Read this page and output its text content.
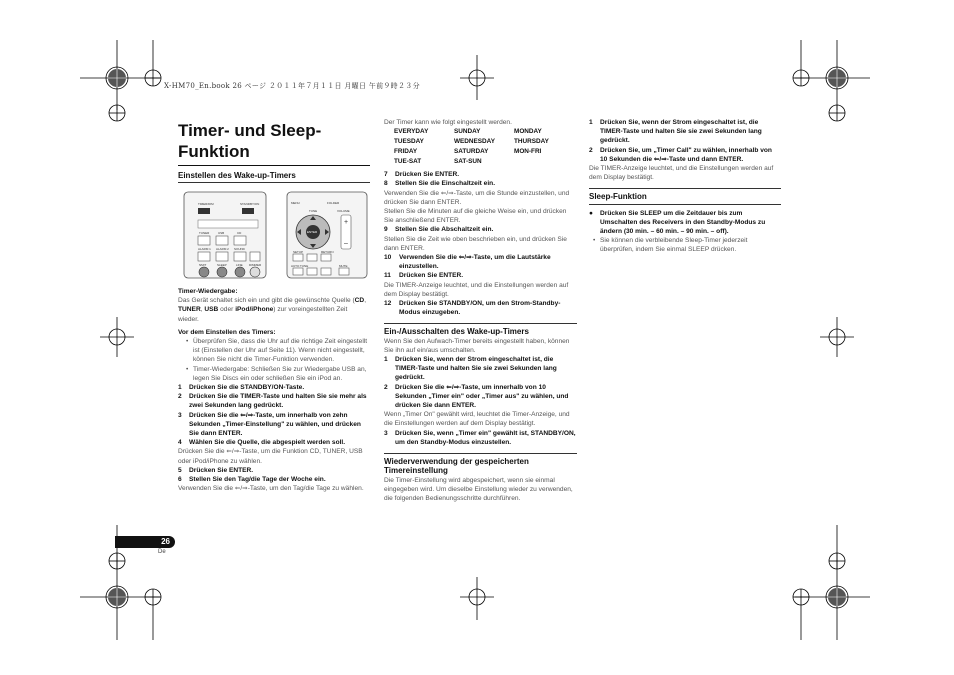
X-HM70_En.book 26 ページ ２０１１年７月１１日 月曜日 午前９時２３分
Timer- und Sleep-Funktion
Einstellen des Wake-up-Timers
TIMER/DIM	STANDBY/ON
TUNER	USB	CD
ALARM 1 ALARM 2 SOUND
NMIT	SLEEP	LINE DIMMER
+
–
MENU	FOLDER
TUNE
ENTER
VOLUME
SETUP	RETURN
AUTO TUNE	MUTE

Timer-Wiedergabe:

Das Gerät schaltet sich ein und gibt die gewünschte Quelle (CD, TUNER, USB oder iPod/iPhone) zur voreingestellten Zeit wieder.

Vor dem Einstellen des Timers:

• Überprüfen Sie, dass die Uhr auf die richtige Zeit eingestellt ist (Einstellen der Uhr auf Seite 11). Wenn nicht eingestellt, können Sie nicht die Timer-Funktion verwenden.
• Timer-Wiedergabe: Schließen Sie zur Wiedergabe USB an, legen Sie Discs ein oder schließen Sie ein iPod an.
1	Drücken Sie die STANDBY/ON-Taste.
2	Drücken Sie die TIMER-Taste und halten Sie sie mehr als zwei Sekunden lang gedrückt.
3	Drücken Sie die ⇐/⇒-Taste, um innerhalb von zehn Sekunden „Timer-Einstellung" zu wählen, und drücken Sie dann ENTER.
4	Wählen Sie die Quelle, die abgespielt werden soll.

Drücken Sie die ⇐/⇒-Taste, um die Funktion CD, TUNER, USB oder iPod/iPhone zu wählen.

5	Drücken Sie ENTER.
6	Stellen Sie den Tag/die Tage der Woche ein.

Verwenden Sie die ⇐/⇒-Taste, um den Tag/die Tage zu wählen.

Der Timer kann wie folgt eingestellt werden.

EVERYDAY	SUNDAY	MONDAY
TUESDAY	WEDNESDAY	THURSDAY
FRIDAY	SATURDAY	MON-FRI
TUE-SAT	SAT-SUN
7	Drücken Sie ENTER.
8	Stellen Sie die Einschaltzeit ein.

Verwenden Sie die ⇐/⇒-Taste, um die Stunde einzustellen, und drücken Sie dann ENTER.

Stellen Sie die Minuten auf die gleiche Weise ein, und drücken Sie anschließend ENTER.

9	Stellen Sie die Abschaltzeit ein.

Stellen Sie die Zeit wie oben beschrieben ein, und drücken Sie dann ENTER.

10	Verwenden Sie die ⇐/⇒-Taste, um die Lautstärke einzustellen.
11	Drücken Sie ENTER.

Die TIMER-Anzeige leuchtet, und die Einstellungen werden auf dem Display bestätigt.

12	Drücken Sie STANDBY/ON, um den Strom-Standby-Modus einzugeben.

Ein-/Ausschalten des Wake-up-Timers

Wenn Sie den Aufwach-Timer bereits eingestellt haben, können Sie ihn auf ein/aus umschalten.

1	Drücken Sie, wenn der Strom eingeschaltet ist, die TIMER-Taste und halten Sie sie zwei Sekunden lang gedrückt.
2	Drücken Sie die ⇐/⇒-Taste, um innerhalb von 10 Sekunden „Timer ein" oder „Timer aus" zu wählen, und drücken Sie dann ENTER.

Wenn „Timer On" gewählt wird, leuchtet die Timer-Anzeige, und die Einstellungen werden auf dem Display bestätigt.

3	Drücken Sie, wenn „Timer ein" gewählt ist, STANDBY/ON, um den Standby-Modus einzustellen.

Wiederverwendung der gespeicherten Timereinstellung

Die Timer-Einstellung wird abgespeichert, wenn sie einmal eingegeben wird. Um dieselbe Einstellung wieder zu verwenden, die folgenden Bedienungsschritte durchführen.

1	Drücken Sie, wenn der Strom eingeschaltet ist, die TIMER-Taste und halten Sie sie zwei Sekunden lang gedrückt.
2	Drücken Sie, um „Timer Call" zu wählen, innerhalb von 10 Sekunden die ⇐/⇒-Taste und dann ENTER.

Die TIMER-Anzeige leuchtet, und die Einstellungen werden auf dem Display bestätigt.

Sleep-Funktion

●	Drücken Sie SLEEP um die Zeitdauer bis zum Umschalten des Receivers in den Standby-Modus zu ändern (30 min. – 60 min. – 90 min. – off).
• Sie können die verbleibende Sleep-Timer jederzeit überprüfen, indem Sie einmal SLEEP drücken.
26
De
